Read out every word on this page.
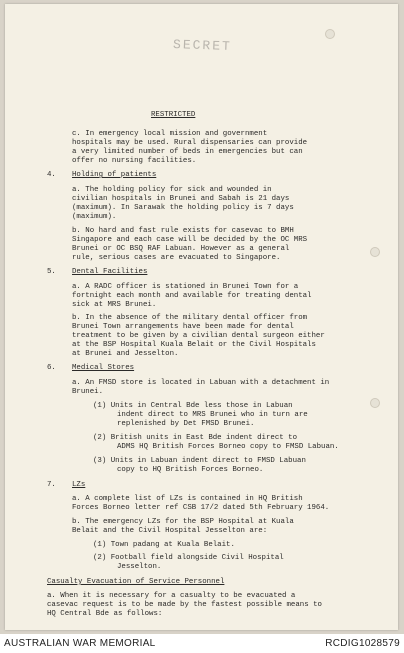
SECRET
RESTRICTED
c. In emergency local mission and government
hospitals may be used. Rural dispensaries can provide
a very limited number of beds in emergencies but can
offer no nursing facilities.
4. Holding of patients
a. The holding policy for sick and wounded in
civilian hospitals in Brunei and Sabah is 21 days
(maximum). In Sarawak the holding policy is 7 days
(maximum).
b. No hard and fast rule exists for casevac to BMH
Singapore and each case will be decided by the OC MRS
Brunei or OC BSQ RAF Labuan. However as a general
rule, serious cases are evacuated to Singapore.
5. Dental Facilities
a. A RADC officer is stationed in Brunei Town for a
fortnight each month and available for treating dental
sick at MRS Brunei.
b. In the absence of the military dental officer from
Brunei Town arrangements have been made for dental
treatment to be given by a civilian dental surgeon either
at the BSP Hospital Kuala Belait or the Civil Hospitals
at Brunei and Jesselton.
6. Medical Stores
a. An FMSD store is located in Labuan with a detachment in
Brunei.
(1) Units in Central Bde less those in Labuan
indent direct to MRS Brunei who in turn are
replenished by Det FMSD Brunei.
(2) British units in East Bde indent direct to
ADMS HQ British Forces Borneo copy to FMSD Labuan.
(3) Units in Labuan indent direct to FMSD Labuan
copy to HQ British Forces Borneo.
7. LZs
a. A complete list of LZs is contained in HQ British
Forces Borneo letter ref CSB 17/2 dated 5th February 1964.
b. The emergency LZs for the BSP Hospital at Kuala
Belait and the Civil Hospital Jesselton are:
(1) Town padang at Kuala Belait.
(2) Football field alongside Civil Hospital
Jesselton.
Casualty Evacuation of Service Personnel
a. When it is necessary for a casualty to be evacuated a
casevac request is to be made by the fastest possible means to
HQ Central Bde as follows:
AUSTRALIAN WAR MEMORIAL	RCDIG1028579
